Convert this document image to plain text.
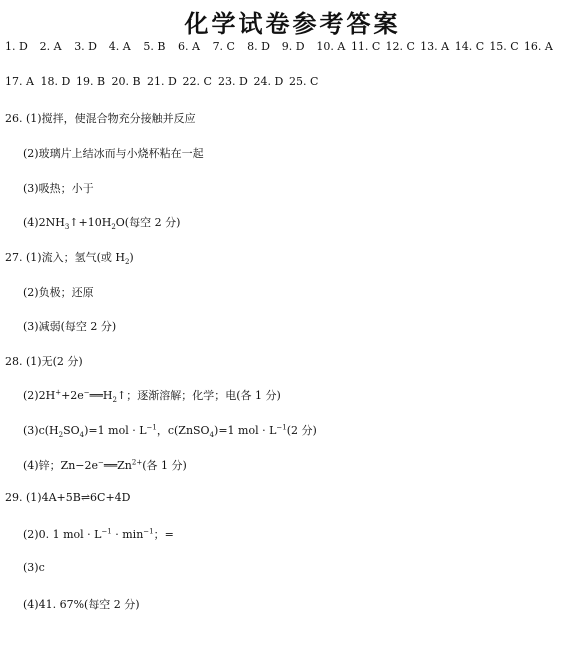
化学试卷参考答案
1. D	2. A	3. D	4. A	5. B	6. A	7. C	8. D	9. D	10. A 11. C 12. C 13. A 14. C 15. C 16. A
17. A 18. D 19. B 20. B 21. D 22. C 23. D 24. D 25. C
26. (1)搅拌，使混合物充分接触并反应
(2)玻璃片上结冰而与小烧杯粘在一起
(3)吸热；小于
$(4)2NH_3↑+10H_2O$(每空 2 分)
27. (1)流入；氢气(或 $H_2$)
(2)负极；还原
(3)减弱(每空 2 分)
28. (1)无(2 分)
$(2)2H^++2e^-══H_2↑$；逐渐溶解；化学；电(各 1 分)
$(3)c(H_2SO_4)=1$ mol · $L^{-1}$，c(ZnSO$_4$)=1 mol · $L^{-1}(2$ 分)
(4)锌；$Zn-2e^-══Zn^{2+}$(各 1 分)
29. (1)4A+5B⇌6C+4D
(2)0. 1 mol · $L^{-1} \cdot \min^{-1}$；=
(3)c
(4)41. 67%(每空 2 分)
